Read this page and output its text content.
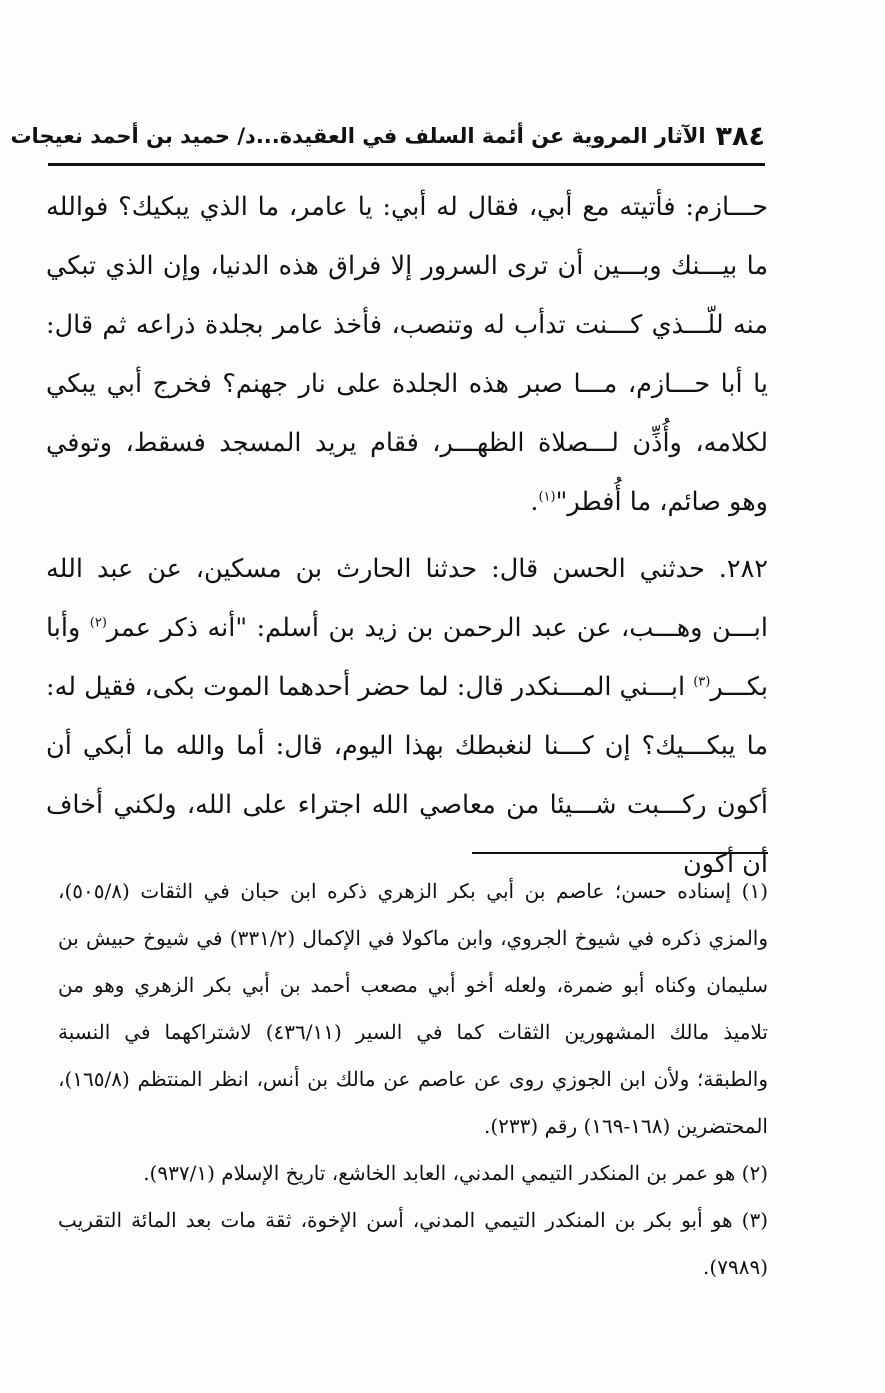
٣٨٤
الآثار المروية عن أئمة السلف في العقيدة...د/ حميد بن أحمد نعيجات

حـــازم: فأتيته مع أبي، فقال له أبي: يا عامر، ما الذي يبكيك؟ فوالله ما بيـــنك وبـــين أن ترى السرور إلا فراق هذه الدنيا، وإن الذي تبكي منه للّـــذي كـــنت تدأب له وتنصب، فأخذ عامر بجلدة ذراعه ثم قال: يا أبا حـــازم، مـــا صبر هذه الجلدة على نار جهنم؟ فخرج أبي يبكي لكلامه، وأُذِّن لـــصلاة الظهـــر، فقام يريد المسجد فسقط، وتوفي وهو صائم، ما أُفطر"$^{(١)}$.

٢٨٢. حدثني الحسن قال: حدثنا الحارث بن مسكين، عن عبد الله ابـــن وهـــب، عن عبد الرحمن بن زيد بن أسلم: "أنه ذكر عمر$^{(٢)}$ وأبا بكـــر$^{(٣)}$ ابـــني المـــنكدر قال: لما حضر أحدهما الموت بكى، فقيل له: ما يبكـــيك؟ إن كـــنا لنغبطك بهذا اليوم، قال: أما والله ما أبكي أن أكون ركـــبت شـــيئا من معاصي الله اجتراء على الله، ولكني أخاف أن أكون

(١) إسناده حسن؛ عاصم بن أبي بكر الزهري ذكره ابن حبان في الثقات (٥٠٥/٨)، والمزي ذكره في شيوخ الجروي، وابن ماكولا في الإكمال (٣٣١/٢) في شيوخ حبيش بن سليمان وكناه أبو ضمرة، ولعله أخو أبي مصعب أحمد بن أبي بكر الزهري وهو من تلاميذ مالك المشهورين الثقات كما في السير (٤٣٦/١١) لاشتراكهما في النسبة والطبقة؛ ولأن ابن الجوزي روى عن عاصم عن مالك بن أنس، انظر المنتظم (١٦٥/٨)، المحتضرين (١٦٨-١٦٩) رقم (٢٣٣).

(٢) هو عمر بن المنكدر التيمي المدني، العابد الخاشع، تاريخ الإسلام (٩٣٧/١).

(٣) هو أبو بكر بن المنكدر التيمي المدني، أسن الإخوة، ثقة مات بعد المائة التقريب (٧٩٨٩).
